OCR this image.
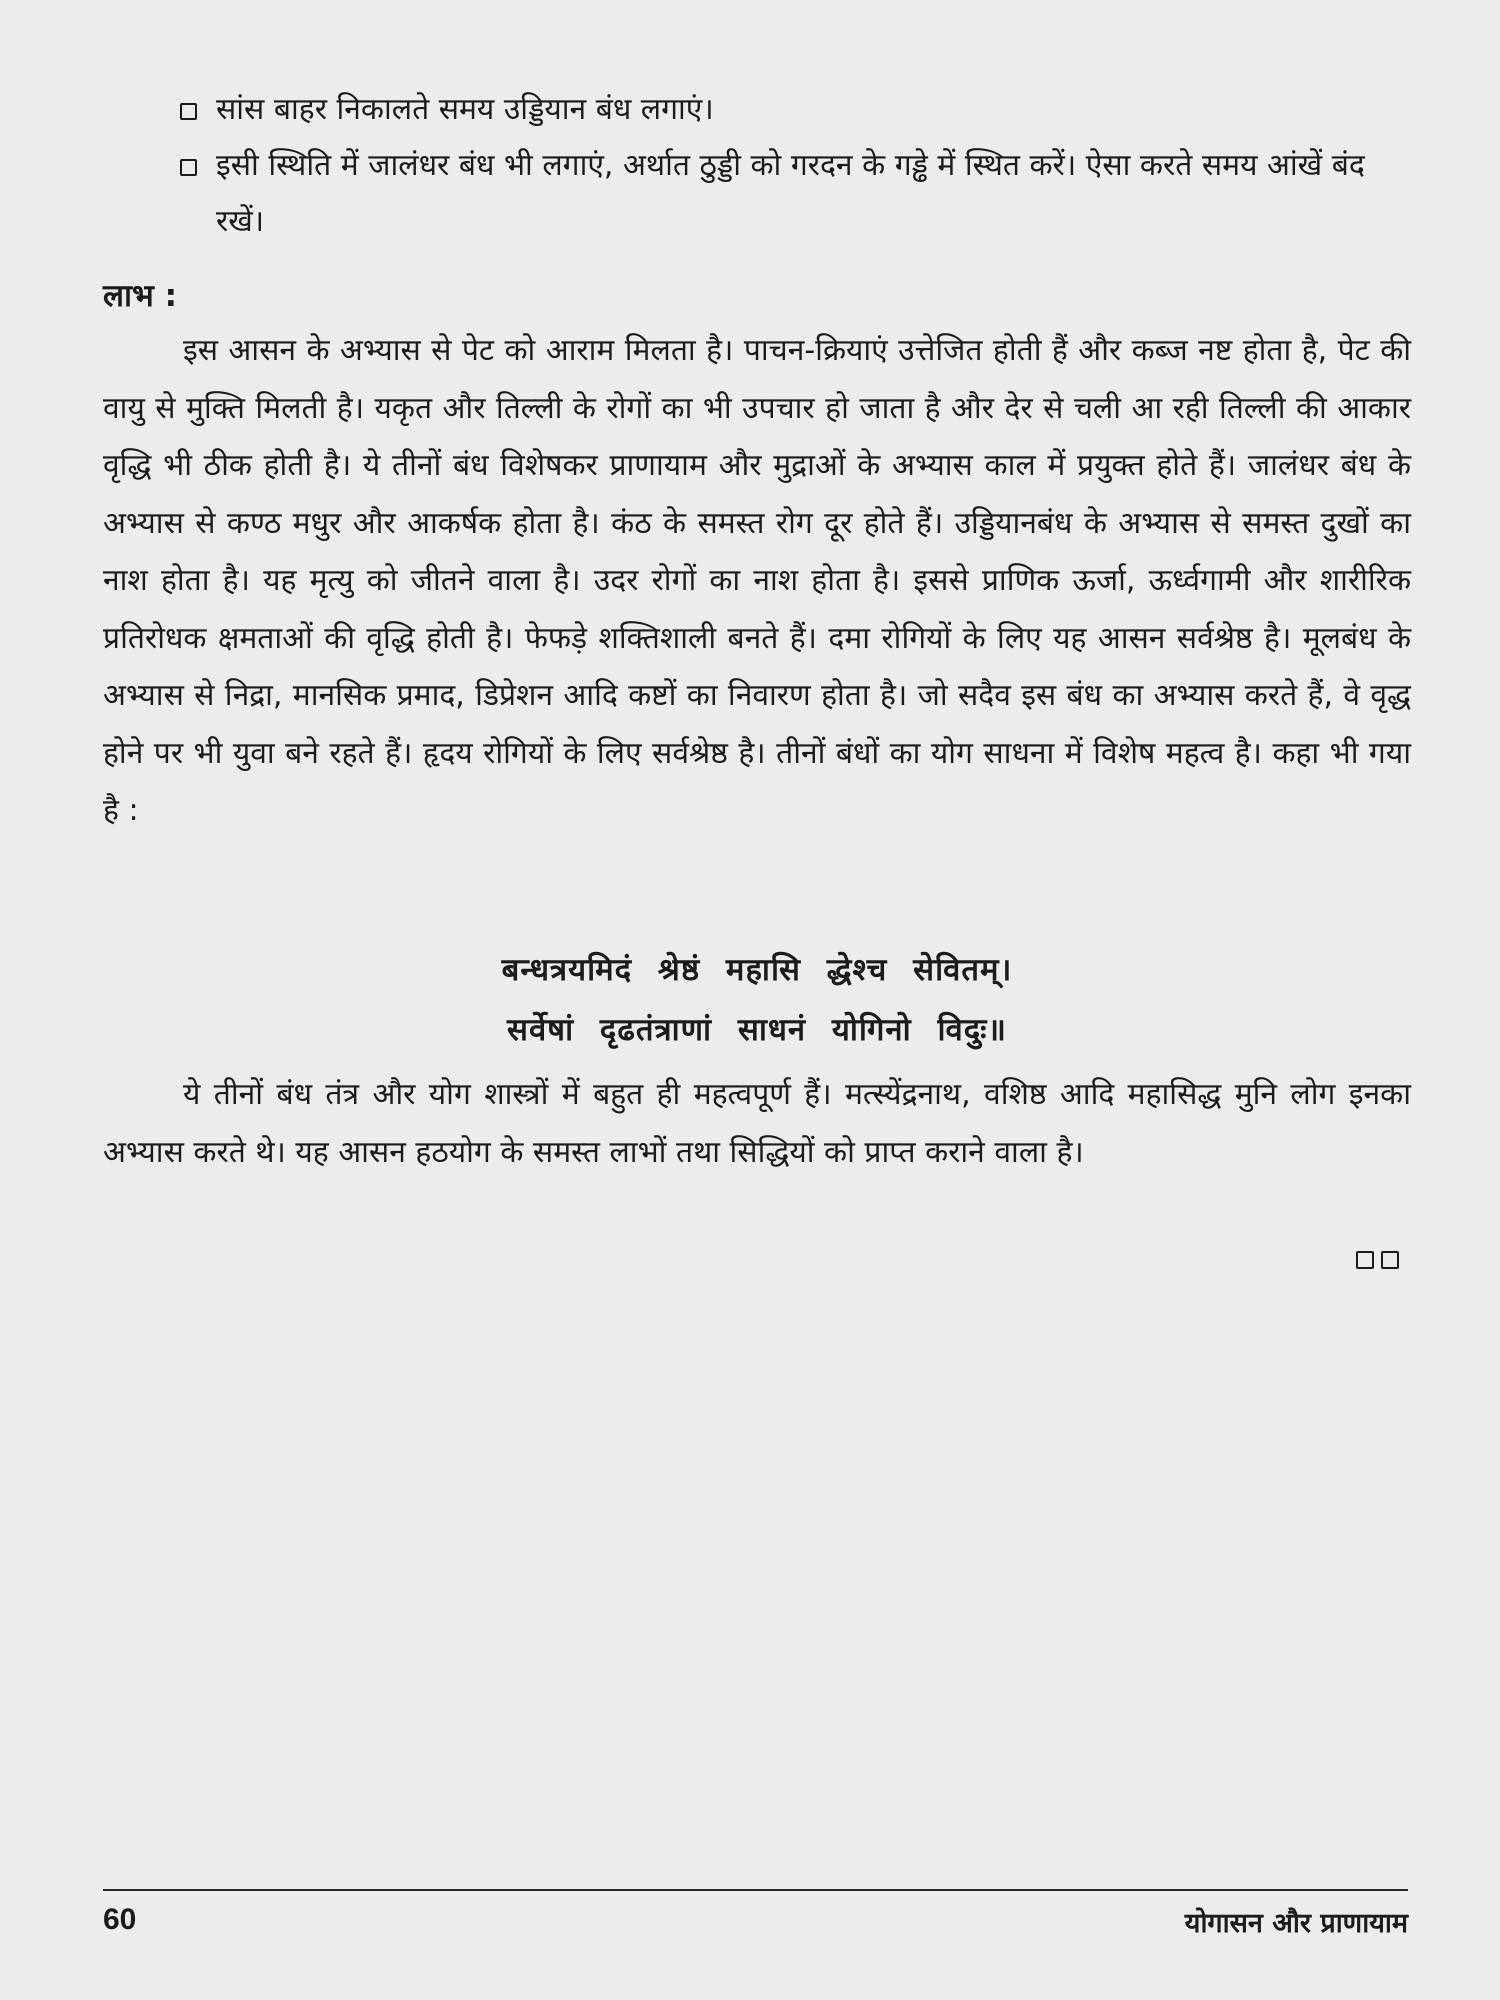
सांस बाहर निकालते समय उड्डियान बंध लगाएं।
इसी स्थिति में जालंधर बंध भी लगाएं, अर्थात ठुड्डी को गरदन के गड्ढे में स्थित करें। ऐसा करते समय आंखें बंद रखें।
लाभ :

इस आसन के अभ्यास से पेट को आराम मिलता है। पाचन-क्रियाएं उत्तेजित होती हैं और कब्ज नष्ट होता है, पेट की वायु से मुक्ति मिलती है। यकृत और तिल्ली के रोगों का भी उपचार हो जाता है और देर से चली आ रही तिल्ली की आकार वृद्धि भी ठीक होती है। ये तीनों बंध विशेषकर प्राणायाम और मुद्राओं के अभ्यास काल में प्रयुक्त होते हैं। जालंधर बंध के अभ्यास से कण्ठ मधुर और आकर्षक होता है। कंठ के समस्त रोग दूर होते हैं। उड्डियानबंध के अभ्यास से समस्त दुखों का नाश होता है। यह मृत्यु को जीतने वाला है। उदर रोगों का नाश होता है। इससे प्राणिक ऊर्जा, ऊर्ध्वगामी और शारीरिक प्रतिरोधक क्षमताओं की वृद्धि होती है। फेफड़े शक्तिशाली बनते हैं। दमा रोगियों के लिए यह आसन सर्वश्रेष्ठ है। मूलबंध के अभ्यास से निद्रा, मानसिक प्रमाद, डिप्रेशन आदि कष्टों का निवारण होता है। जो सदैव इस बंध का अभ्यास करते हैं, वे वृद्ध होने पर भी युवा बने रहते हैं। हृदय रोगियों के लिए सर्वश्रेष्ठ है। तीनों बंधों का योग साधना में विशेष महत्व है। कहा भी गया है :

बन्धत्रयमिदं श्रेष्ठं महासि द्धेश्च सेवितम्।
सर्वेषां दृढतंत्राणां साधनं योगिनो विदुः॥

ये तीनों बंध तंत्र और योग शास्त्रों में बहुत ही महत्वपूर्ण हैं। मत्स्येंद्रनाथ, वशिष्ठ आदि महासिद्ध मुनि लोग इनका अभ्यास करते थे। यह आसन हठयोग के समस्त लाभों तथा सिद्धियों को प्राप्त कराने वाला है।

60	योगासन और प्राणायाम
